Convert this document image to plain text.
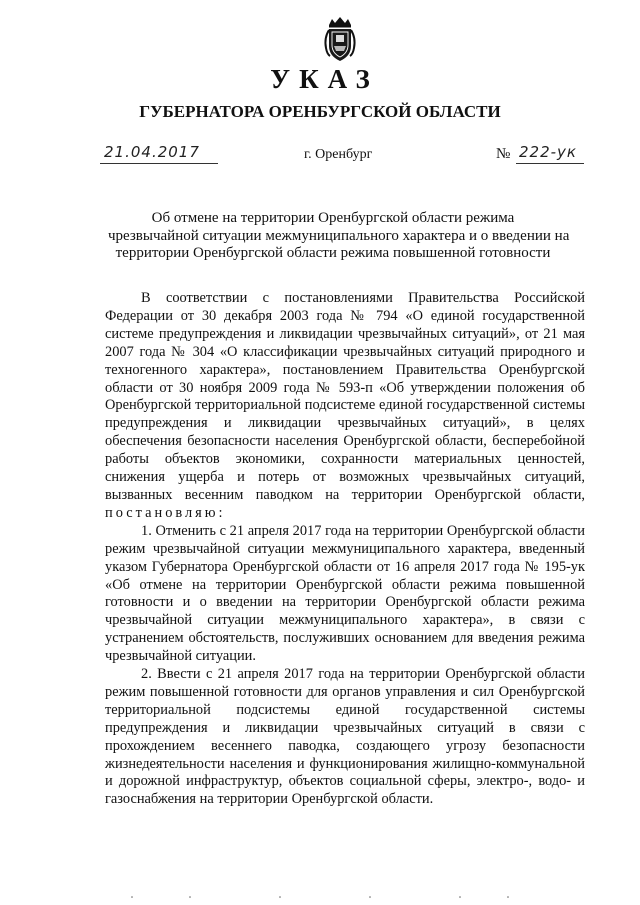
УКАЗ
ГУБЕРНАТОРА ОРЕНБУРГСКОЙ ОБЛАСТИ
21.04.2017	г. Оренбург	№ 222-ук
Об отмене на территории Оренбургской области режима
чрезвычайной ситуации межмуниципального характера и о введении на
территории Оренбургской области режима повышенной готовности

В соответствии с постановлениями Правительства Российской Федерации от 30 декабря 2003 года № 794 «О единой государственной системе предупреждения и ликвидации чрезвычайных ситуаций», от 21 мая 2007 года № 304 «О классификации чрезвычайных ситуаций природного и техногенного характера», постановлением Правительства Оренбургской области от 30 ноября 2009 года № 593-п «Об утверждении положения об Оренбургской территориальной подсистеме единой государственной системы предупреждения и ликвидации чрезвычайных ситуаций», в целях обеспечения безопасности населения Оренбургской области, бесперебойной работы объектов экономики, сохранности материальных ценностей, снижения ущерба и потерь от возможных чрезвычайных ситуаций, вызванных весенним паводком на территории Оренбургской области, постановляю:

1. Отменить с 21 апреля 2017 года на территории Оренбургской области режим чрезвычайной ситуации межмуниципального характера, введенный указом Губернатора Оренбургской области от 16 апреля 2017 года № 195-ук «Об отмене на территории Оренбургской области режима повышенной готовности и о введении на территории Оренбургской области режима чрезвычайной ситуации межмуниципального характера», в связи с устранением обстоятельств, послуживших основанием для введения режима чрезвычайной ситуации.

2. Ввести с 21 апреля 2017 года на территории Оренбургской области режим повышенной готовности для органов управления и сил Оренбургской территориальной подсистемы единой государственной системы предупреждения и ликвидации чрезвычайных ситуаций в связи с прохождением весеннего паводка, создающего угрозу безопасности жизнедеятельности населения и функционирования жилищно-коммунальной и дорожной инфраструктур, объектов социальной сферы, электро-, водо- и газоснабжения на территории Оренбургской области.
